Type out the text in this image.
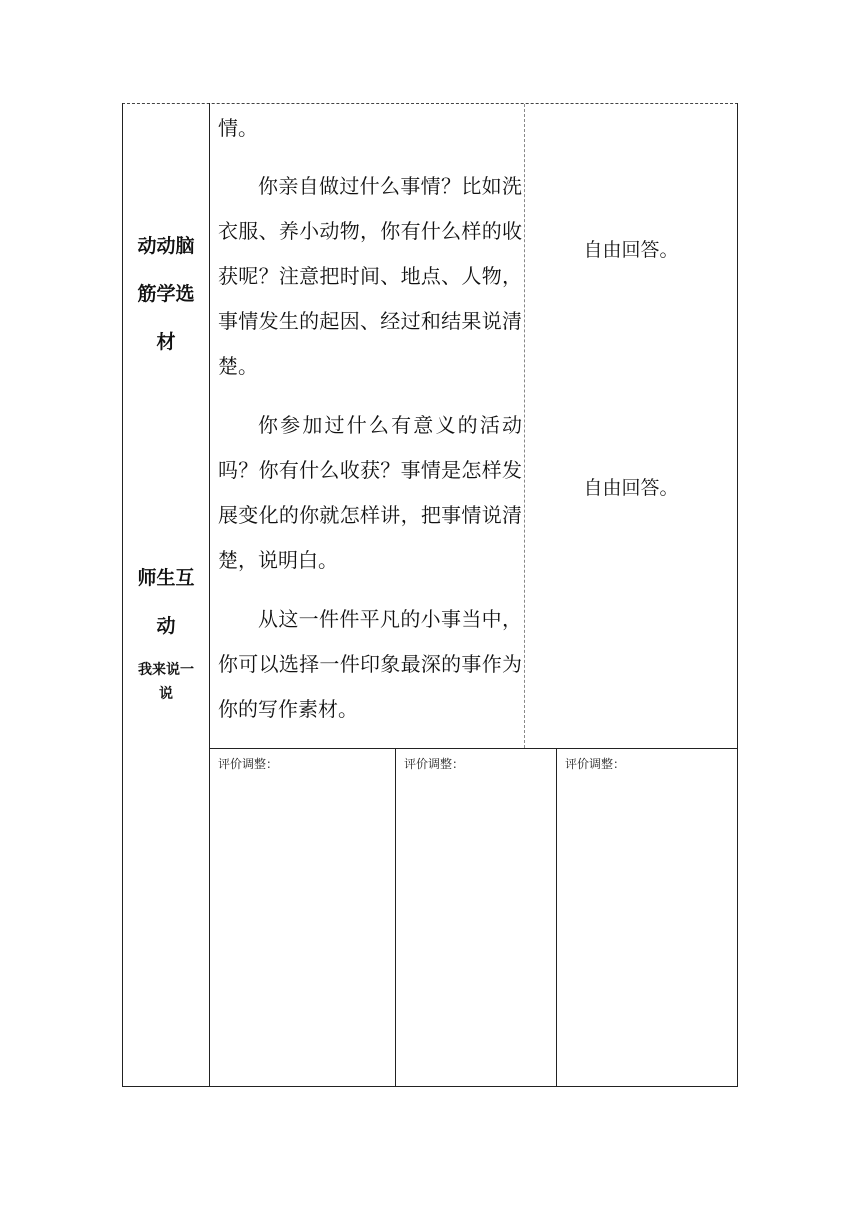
动动脑
筋学选
材
师生互
动
我来说一
说
情。
你亲自做过什么事情？比如洗衣服、养小动物，你有什么样的收获呢？注意把时间、地点、人物，事情发生的起因、经过和结果说清楚。
你参加过什么有意义的活动吗？你有什么收获？事情是怎样发展变化的你就怎样讲，把事情说清楚，说明白。
从这一件件平凡的小事当中，你可以选择一件印象最深的事作为你的写作素材。
自由回答。
自由回答。
评价调整：	评价调整：	评价调整：
